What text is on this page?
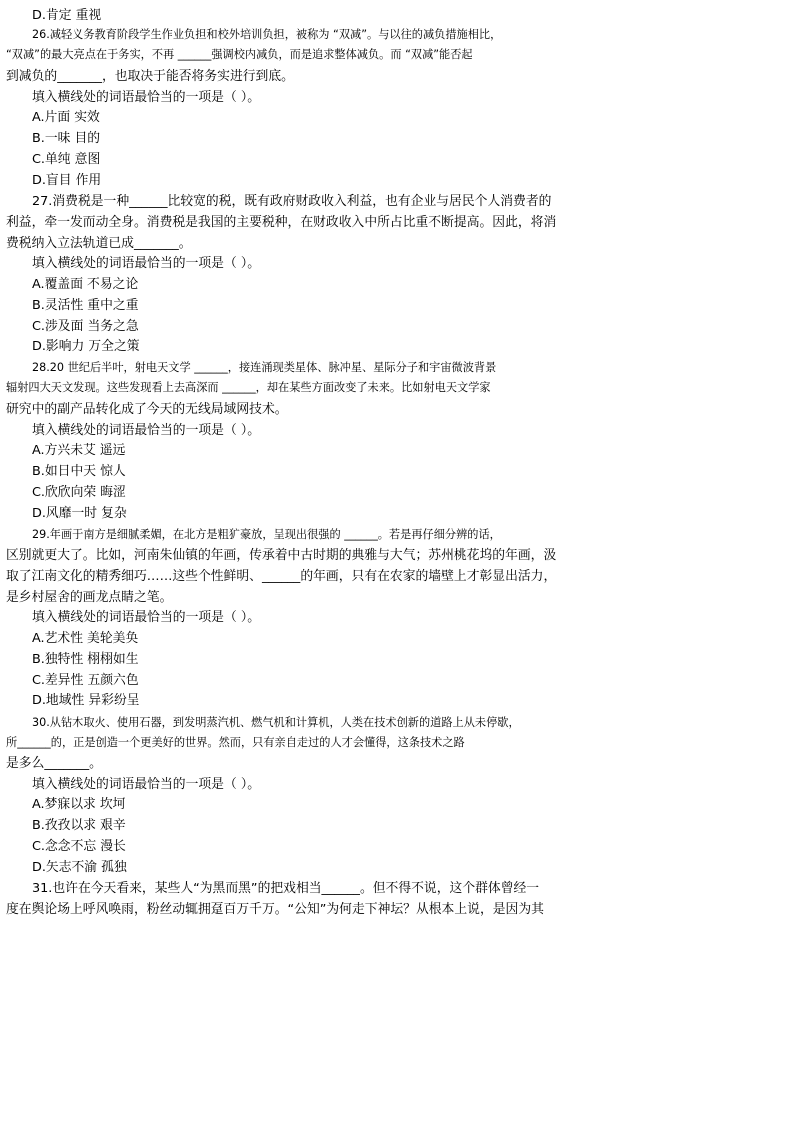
D.肯定 重视
26.减轻义务教育阶段学生作业负担和校外培训负担，被称为 “双减”。与以往的减负措施相比，
“双减”的最大亮点在于务实，不再 ______强调校内减负，而是追求整体减负。而 “双减”能否起
到减负的_______，也取决于能否将务实进行到底。
填入横线处的词语最恰当的一项是（ ）。
A.片面 实效
B.一味 目的
C.单纯 意图
D.盲目 作用
27.消费税是一种______比较宽的税，既有政府财政收入利益，也有企业与居民个人消费者的
利益，牵一发而动全身。消费税是我国的主要税种，在财政收入中所占比重不断提高。因此，将消
费税纳入立法轨道已成_______。
填入横线处的词语最恰当的一项是（ ）。
A.覆盖面 不易之论
B.灵活性 重中之重
C.涉及面 当务之急
D.影响力 万全之策
28.20 世纪后半叶，射电天文学 ______，接连涌现类星体、脉冲星、星际分子和宇宙微波背景
辐射四大天文发现。这些发现看上去高深而 ______，却在某些方面改变了未来。比如射电天文学家
研究中的副产品转化成了今天的无线局域网技术。
填入横线处的词语最恰当的一项是（ ）。
A.方兴未艾 遥远
B.如日中天 惊人
C.欣欣向荣 晦涩
D.风靡一时 复杂
29.年画于南方是细腻柔媚，在北方是粗犷豪放，呈现出很强的 ______。若是再仔细分辨的话，
区别就更大了。比如，河南朱仙镇的年画，传承着中古时期的典雅与大气；苏州桃花坞的年画，汲
取了江南文化的精秀细巧……这些个性鲜明、______的年画，只有在农家的墙壁上才彰显出活力，
是乡村屋舍的画龙点睛之笔。
填入横线处的词语最恰当的一项是（ ）。
A.艺术性 美轮美奂
B.独特性 栩栩如生
C.差异性 五颜六色
D.地域性 异彩纷呈
30.从钻木取火、使用石器，到发明蒸汽机、燃气机和计算机，人类在技术创新的道路上从未停歇，
所______的，正是创造一个更美好的世界。然而，只有亲自走过的人才会懂得，这条技术之路
是多么_______。
填入横线处的词语最恰当的一项是（ ）。
A.梦寐以求 坎坷
B.孜孜以求 艰辛
C.念念不忘 漫长
D.矢志不渝 孤独
31.也许在今天看来，某些人“为黑而黑”的把戏相当______。但不得不说，这个群体曾经一
度在舆论场上呼风唤雨，粉丝动辄拥趸百万千万。“公知”为何走下神坛？从根本上说，是因为其
